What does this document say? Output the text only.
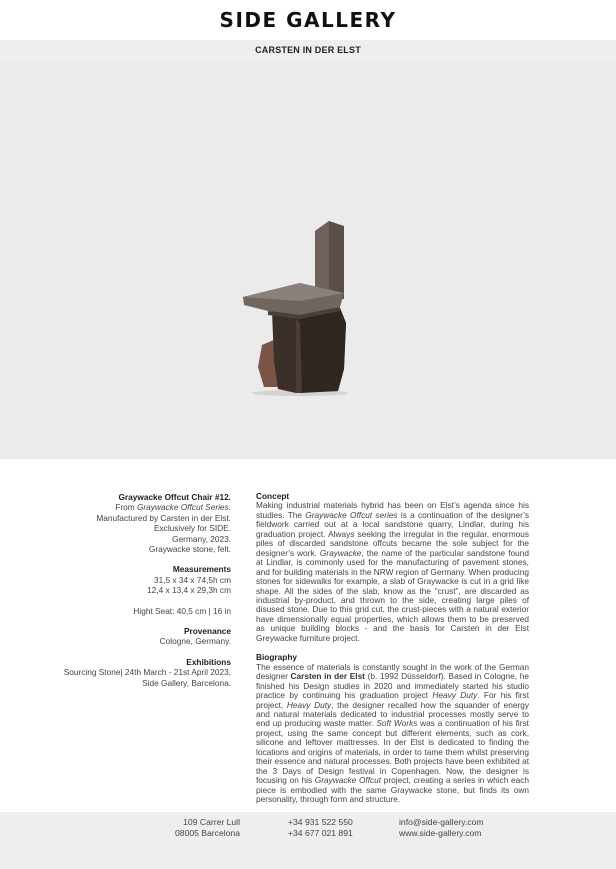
SIDE GALLERY
CARSTEN IN DER ELST
Graywacke Offcut Chair #12.
From Graywacke Offcut Series.
Manufactured by Carsten in der Elst.
Exclusively for SIDE.
Germany, 2023.
Graywacke stone, felt.
Measurements
31,5 x 34 x 74,5h cm
12,4 x 13,4 x 29,3h cm
Hight Seat: 40,5 cm | 16 in
Provenance
Cologne, Germany.
Exhibitions
Sourcing Stone| 24th March - 21st April 2023,
Side Gallery, Barcelona.
Concept

Making industrial materials hybrid has been on Elst’s agenda since his studies. The Graywacke Offcut series is a continuation of the designer’s fieldwork carried out at a local sandstone quarry, Lindlar, during his graduation project. Always seeking the irregular in the regular, enormous piles of discarded sandstone offcuts became the sole subject for the designer’s work. Graywacke, the name of the particular sandstone found at Lindlar, is commonly used for the manufacturing of pavement stones, and for building materials in the NRW region of Germany. When producing stones for sidewalks for example, a slab of Graywacke is cut in a grid like shape. All the sides of the slab, know as the “crust”, are discarded as industrial by-product, and thrown to the side, creating large piles of disused stone. Due to this grid cut, the crust-pieces with a natural exterior have dimensionally equal properties, which allows them to be preserved as unique building blocks - and the basis for Carsten in der Elst Greywacke furniture project.

Biography

The essence of materials is constantly sought in the work of the German designer Carsten in der Elst (b. 1992 Düsseldorf). Based in Cologne, he finished his Design studies in 2020 and immediately started his studio practice by continuing his graduation project Heavy Duty. For his first project, Heavy Duty, the designer recalled how the squander of energy and natural materials dedicated to industrial processes mostly serve to end up producing waste matter. Soft Works was a continuation of his first project, using the same concept but different elements, such as cork, silicone and leftover mattresses. In der Elst is dedicated to finding the locations and origins of materials, in order to tame them whilst preserving their essence and natural processes. Both projects have been exhibited at the 3 Days of Design festival in Copenhagen. Now, the designer is focusing on his Graywacke Offcut project, creating a series in which each piece is embodied with the same Graywacke stone, but finds its own personality, through form and structure.

109 Carrer Lull
08005 Barcelona
+34 931 522 550
+34 677 021 891
info@side-gallery.com
www.side-gallery.com
